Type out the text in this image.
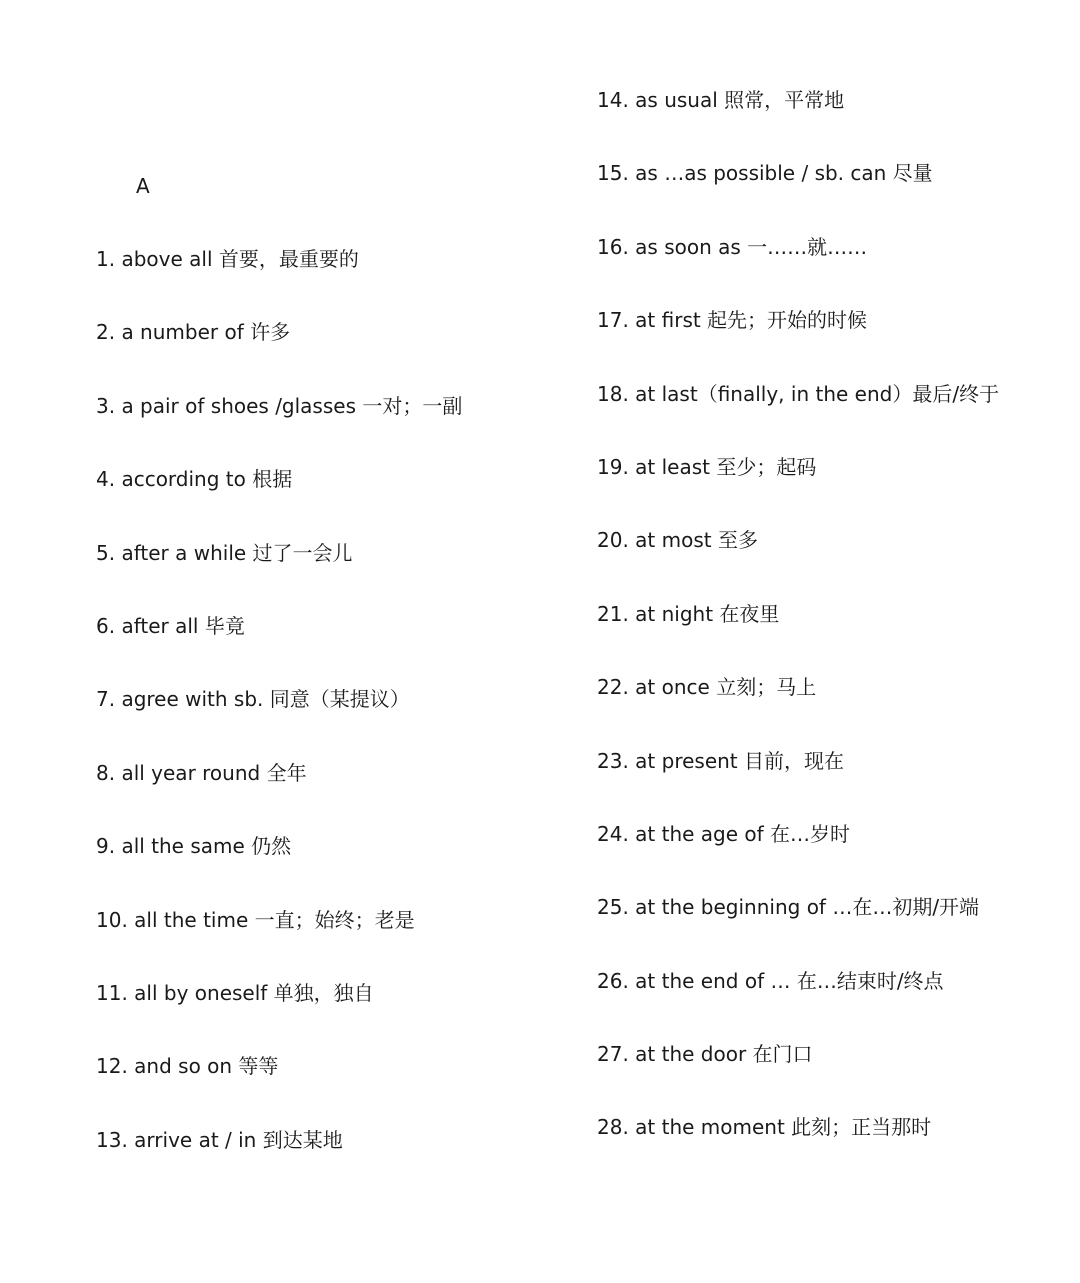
A
1. above all 首要，最重要的
2. a number of 许多
3. a pair of shoes /glasses 一对；一副
4. according to 根据
5. after a while 过了一会儿
6. after all 毕竟
7. agree with sb. 同意（某提议）
8. all year round 全年
9. all the same 仍然
10. all the time 一直；始终；老是
11. all by oneself 单独，独自
12. and so on 等等
13. arrive at / in 到达某地
14. as usual 照常，平常地
15. as …as possible / sb. can 尽量
16. as soon as 一……就……
17. at first 起先；开始的时候
18. at last（finally, in the end）最后/终于
19. at least 至少；起码
20. at most 至多
21. at night 在夜里
22. at once 立刻；马上
23. at present 目前，现在
24. at the age of 在…岁时
25. at the beginning of …在…初期/开端
26. at the end of … 在…结束时/终点
27. at the door 在门口
28. at the moment 此刻；正当那时
